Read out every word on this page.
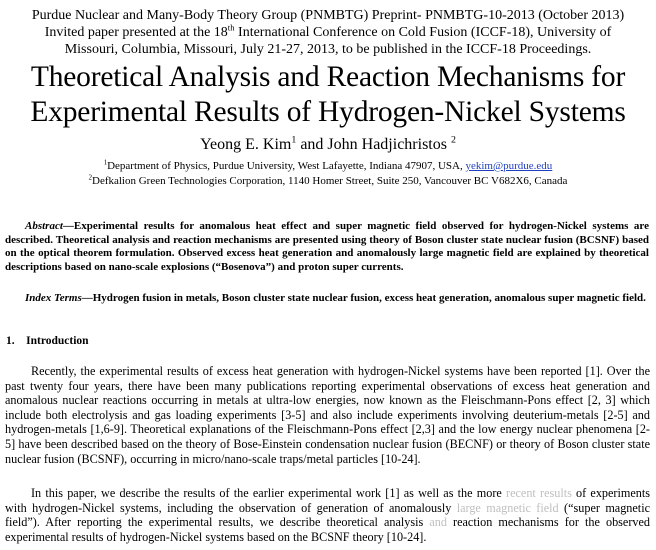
Purdue Nuclear and Many-Body Theory Group (PNMBTG) Preprint- PNMBTG-10-2013 (October 2013)
Invited paper presented at the 18th International Conference on Cold Fusion (ICCF-18), University of
Missouri, Columbia, Missouri, July 21-27, 2013, to be published in the ICCF-18 Proceedings.
Theoretical Analysis and Reaction Mechanisms for
Experimental Results of Hydrogen-Nickel Systems
Yeong E. Kim$^1$ and John Hadjichristos $^2$
$^1$Department of Physics, Purdue University, West Lafayette, Indiana 47907, USA, yekim@purdue.edu
$^2$Defkalion Green Technologies Corporation, 1140 Homer Street, Suite 250, Vancouver BC V682X6, Canada
Abstract—Experimental results for anomalous heat effect and super magnetic field observed for hydrogen-Nickel systems are described. Theoretical analysis and reaction mechanisms are presented using theory of Boson cluster state nuclear fusion (BCSNF) based on the optical theorem formulation. Observed excess heat generation and anomalously large magnetic field are explained by theoretical descriptions based on nano-scale explosions (“Bosenova”) and proton super currents.
Index Terms—Hydrogen fusion in metals, Boson cluster state nuclear fusion, excess heat generation, anomalous super magnetic field.
1. Introduction
Recently, the experimental results of excess heat generation with hydrogen-Nickel systems have been reported [1]. Over the past twenty four years, there have been many publications reporting experimental observations of excess heat generation and anomalous nuclear reactions occurring in metals at ultra-low energies, now known as the Fleischmann-Pons effect [2, 3] which include both electrolysis and gas loading experiments [3-5] and also include experiments involving deuterium-metals [2-5] and hydrogen-metals [1,6-9]. Theoretical explanations of the Fleischmann-Pons effect [2,3] and the low energy nuclear phenomena [2-5] have been described based on the theory of Bose-Einstein condensation nuclear fusion (BECNF) or theory of Boson cluster state nuclear fusion (BCSNF), occurring in micro/nano-scale traps/metal particles [10-24].
In this paper, we describe the results of the earlier experimental work [1] as well as the more recent results of experiments with hydrogen-Nickel systems, including the observation of generation of anomalously large magnetic field (“super magnetic field”). After reporting the experimental results, we describe theoretical analysis and reaction mechanisms for the observed experimental results of hydrogen-Nickel systems based on the BCSNF theory [10-24].
